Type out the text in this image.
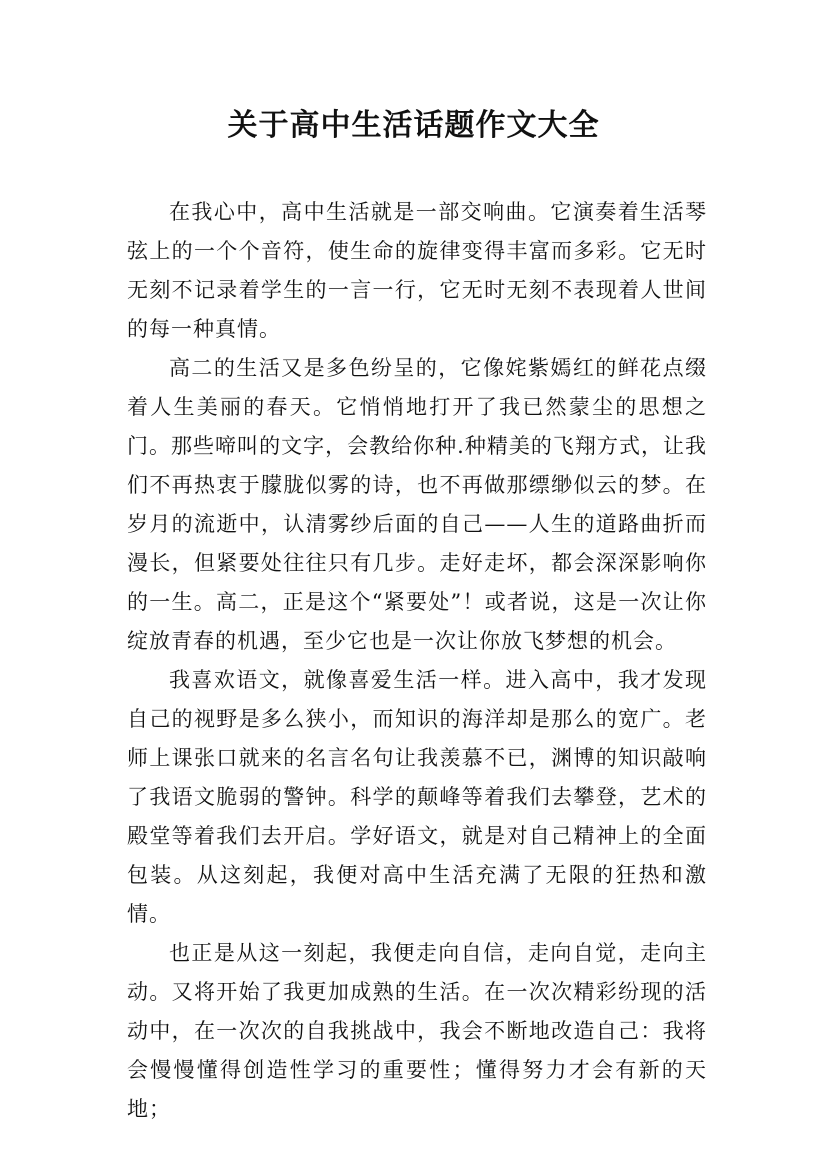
关于高中生活话题作文大全

在我心中，高中生活就是一部交响曲。它演奏着生活琴弦上的一个个音符，使生命的旋律变得丰富而多彩。它无时无刻不记录着学生的一言一行，它无时无刻不表现着人世间的每一种真情。

高二的生活又是多色纷呈的，它像姹紫嫣红的鲜花点缀着人生美丽的春天。它悄悄地打开了我已然蒙尘的思想之门。那些啼叫的文字，会教给你种.种精美的飞翔方式，让我们不再热衷于朦胧似雾的诗，也不再做那缥缈似云的梦。在岁月的流逝中，认清雾纱后面的自己——人生的道路曲折而漫长，但紧要处往往只有几步。走好走坏，都会深深影响你的一生。高二，正是这个“紧要处”！或者说，这是一次让你绽放青春的机遇，至少它也是一次让你放飞梦想的机会。

我喜欢语文，就像喜爱生活一样。进入高中，我才发现自己的视野是多么狭小，而知识的海洋却是那么的宽广。老师上课张口就来的名言名句让我羡慕不已，渊博的知识敲响了我语文脆弱的警钟。科学的颠峰等着我们去攀登，艺术的殿堂等着我们去开启。学好语文，就是对自己精神上的全面包装。从这刻起，我便对高中生活充满了无限的狂热和激情。

也正是从这一刻起，我便走向自信，走向自觉，走向主动。又将开始了我更加成熟的生活。在一次次精彩纷现的活动中，在一次次的自我挑战中，我会不断地改造自己：我将会慢慢懂得创造性学习的重要性；懂得努力才会有新的天地；
